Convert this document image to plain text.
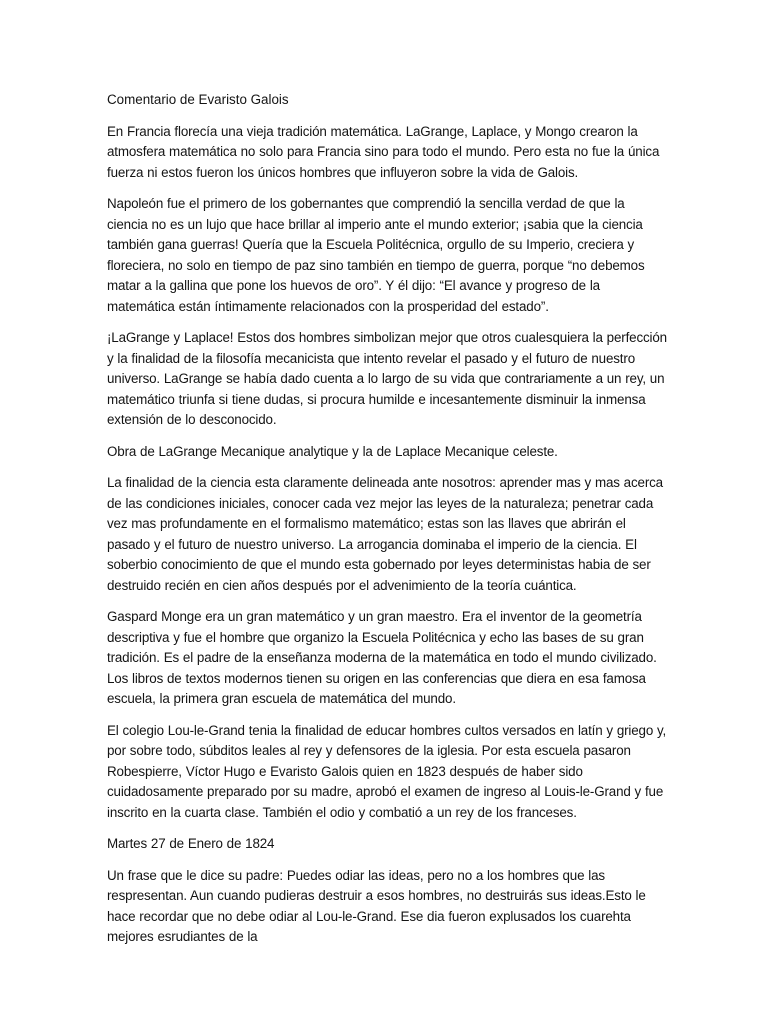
Comentario de Evaristo Galois

En Francia florecía una vieja tradición matemática. LaGrange, Laplace, y Mongo crearon la atmosfera matemática no solo para Francia sino para todo el mundo. Pero esta no fue la única fuerza ni estos fueron los únicos hombres que influyeron sobre la vida de Galois.

Napoleón fue el primero de los gobernantes que comprendió la sencilla verdad de que la ciencia no es un lujo que hace brillar al imperio ante el mundo exterior; ¡sabia que la ciencia también gana guerras! Quería que la Escuela Politécnica, orgullo de su Imperio, creciera y floreciera, no solo en tiempo de paz sino también en tiempo de guerra, porque “no debemos matar a la gallina que pone los huevos de oro”. Y él dijo: “El avance y progreso de la matemática están íntimamente relacionados con la prosperidad del estado”.

¡LaGrange y Laplace! Estos dos hombres simbolizan mejor que otros cualesquiera la perfección y la finalidad de la filosofía mecanicista que intento revelar el pasado y el futuro de nuestro universo. LaGrange se había dado cuenta a lo largo de su vida que contrariamente a un rey, un matemático triunfa si tiene dudas, si procura humilde e incesantemente disminuir la inmensa extensión de lo desconocido.

Obra de LaGrange Mecanique analytique y la de Laplace Mecanique celeste.

La finalidad de la ciencia esta claramente delineada ante nosotros: aprender mas y mas acerca de las condiciones iniciales, conocer cada vez mejor las leyes de la naturaleza; penetrar cada vez mas profundamente en el formalismo matemático; estas son las llaves que abrirán el pasado y el futuro de nuestro universo. La arrogancia dominaba el imperio de la ciencia. El soberbio conocimiento de que el mundo esta gobernado por leyes deterministas habia de ser destruido recién en cien años después por el advenimiento de la teoría cuántica.

Gaspard Monge era un gran matemático y un gran maestro. Era el inventor de la geometría descriptiva y fue el hombre que organizo la Escuela Politécnica y echo las bases de su gran tradición. Es el padre de la enseñanza moderna de la matemática en todo el mundo civilizado. Los libros de textos modernos tienen su origen en las conferencias que diera en esa famosa escuela, la primera gran escuela de matemática del mundo.

El colegio Lou-le-Grand tenia la finalidad de educar hombres cultos versados en latín y griego y, por sobre todo, súbditos leales al rey y defensores de la iglesia. Por esta escuela pasaron Robespierre, Víctor Hugo e Evaristo Galois quien en 1823 después de haber sido cuidadosamente preparado por su madre, aprobó el examen de ingreso al Louis-le-Grand y fue inscrito en la cuarta clase. También el odio y combatió a un rey de los franceses.

Martes 27 de Enero de 1824

Un frase que le dice su padre: Puedes odiar las ideas, pero no a los hombres que las respresentan. Aun cuando pudieras destruir a esos hombres, no destruirás sus ideas.Esto le hace recordar que no debe odiar al Lou-le-Grand. Ese dia fueron explusados los cuarehta mejores esrudiantes de la
